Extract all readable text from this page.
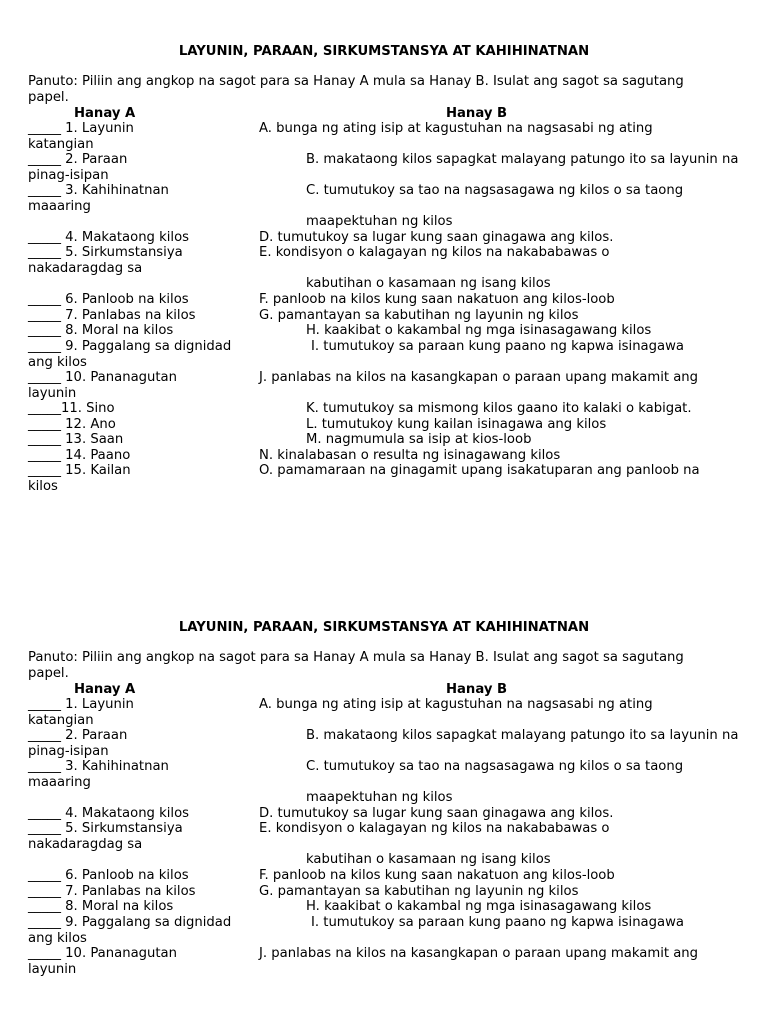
LAYUNIN, PARAAN, SIRKUMSTANSYA AT KAHIHINATNAN
Panuto: Piliin ang angkop na sagot para sa Hanay A mula sa Hanay B. Isulat ang sagot sa sagutang
papel.
Hanay A	Hanay B
_____ 1. Layunin	A. bunga ng ating isip at kagustuhan na nagsasabi ng ating
katangian
_____ 2. Paraan	B. makataong kilos sapagkat malayang patungo ito sa layunin na
pinag-isipan
_____ 3. Kahihinatnan	C. tumutukoy sa tao na nagsasagawa ng kilos o sa taong
maaaring
maapektuhan ng kilos
_____ 4. Makataong kilos	D. tumutukoy sa lugar kung saan ginagawa ang kilos.
_____ 5. Sirkumstansiya	E. kondisyon o kalagayan ng kilos na nakababawas o
nakadaragdag sa
kabutihan o kasamaan ng isang kilos
_____ 6. Panloob na kilos	F. panloob na kilos kung saan nakatuon ang kilos-loob
_____ 7. Panlabas na kilos	G. pamantayan sa kabutihan ng layunin ng kilos
_____ 8. Moral na kilos	H. kaakibat o kakambal ng mga isinasagawang kilos
_____ 9. Paggalang sa dignidad	I. tumutukoy sa paraan kung paano ng kapwa isinagawa
ang kilos
_____ 10. Pananagutan	J. panlabas na kilos na kasangkapan o paraan upang makamit ang
layunin
_____11. Sino	K. tumutukoy sa mismong kilos gaano ito kalaki o kabigat.
_____ 12. Ano	L. tumutukoy kung kailan isinagawa ang kilos
_____ 13. Saan	M. nagmumula sa isip at kios-loob
_____ 14. Paano	N. kinalabasan o resulta ng isinagawang kilos
_____ 15. Kailan	O. pamamaraan na ginagamit upang isakatuparan ang panloob na
kilos
LAYUNIN, PARAAN, SIRKUMSTANSYA AT KAHIHINATNAN
Panuto: Piliin ang angkop na sagot para sa Hanay A mula sa Hanay B. Isulat ang sagot sa sagutang
papel.
Hanay A	Hanay B
_____ 1. Layunin	A. bunga ng ating isip at kagustuhan na nagsasabi ng ating
katangian
_____ 2. Paraan	B. makataong kilos sapagkat malayang patungo ito sa layunin na
pinag-isipan
_____ 3. Kahihinatnan	C. tumutukoy sa tao na nagsasagawa ng kilos o sa taong
maaaring
maapektuhan ng kilos
_____ 4. Makataong kilos	D. tumutukoy sa lugar kung saan ginagawa ang kilos.
_____ 5. Sirkumstansiya	E. kondisyon o kalagayan ng kilos na nakababawas o
nakadaragdag sa
kabutihan o kasamaan ng isang kilos
_____ 6. Panloob na kilos	F. panloob na kilos kung saan nakatuon ang kilos-loob
_____ 7. Panlabas na kilos	G. pamantayan sa kabutihan ng layunin ng kilos
_____ 8. Moral na kilos	H. kaakibat o kakambal ng mga isinasagawang kilos
_____ 9. Paggalang sa dignidad	I. tumutukoy sa paraan kung paano ng kapwa isinagawa
ang kilos
_____ 10. Pananagutan	J. panlabas na kilos na kasangkapan o paraan upang makamit ang
layunin
